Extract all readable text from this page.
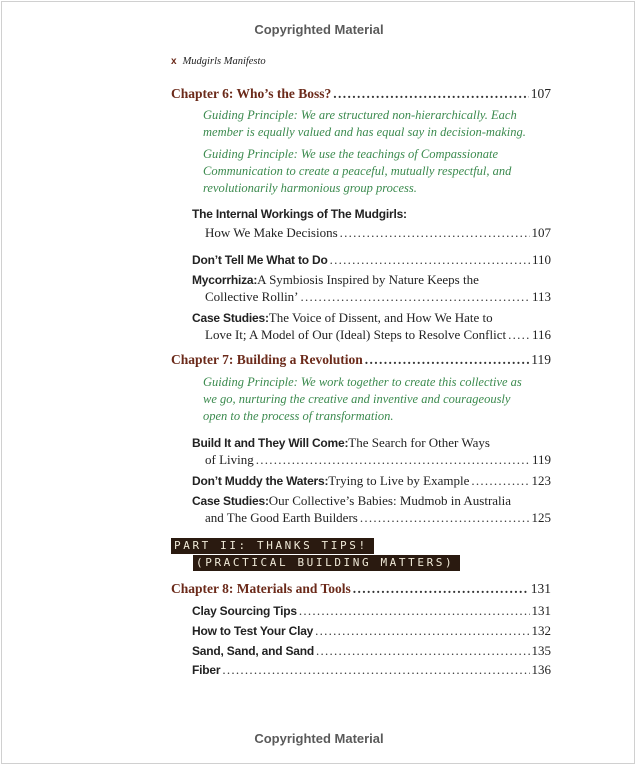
Copyrighted Material
x Mudgirls Manifesto
Chapter 6: Who’s the Boss? . . .	107
Guiding Principle: We are structured non-hierarchically. Each
member is equally valued and has equal say in decision-making.
Guiding Principle: We use the teachings of Compassionate
Communication to create a peaceful, mutually respectful, and
revolutionarily harmonious group process.
The Internal Workings of The Mudgirls:
How We Make Decisions . . .	107
Don’t Tell Me What to Do . . .	110
Mycorrhiza: A Symbiosis Inspired by Nature Keeps the
Collective Rollin’ . . .	113
Case Studies: The Voice of Dissent, and How We Hate to
Love It; A Model of Our (Ideal) Steps to Resolve Conflict . . . 116
Chapter 7: Building a Revolution . . .	119
Guiding Principle: We work together to create this collective as
we go, nurturing the creative and inventive and courageously
open to the process of transformation.
Build It and They Will Come: The Search for Other Ways
of Living . . .	119
Don’t Muddy the Waters: Trying to Live by Example . . .	123
Case Studies: Our Collective’s Babies: Mudmob in Australia
and The Good Earth Builders . . .	125
PART II: THANKS TIPS!
(PRACTICAL BUILDING MATTERS)
Chapter 8: Materials and Tools . . .	131
Clay Sourcing Tips . . .	131
How to Test Your Clay . . .	132
Sand, Sand, and Sand . . .	135
Fiber . . .	136
Copyrighted Material
